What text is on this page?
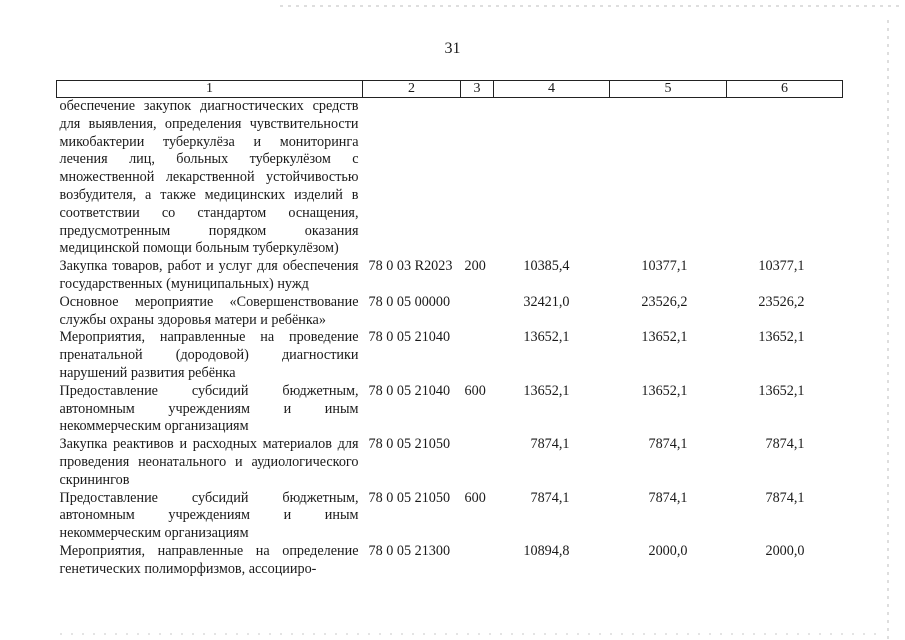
31
1	2	3	4	5	6
обеспечение закупок диагностических средств для выявления, определения чувствительности микобактерии туберкулёза и мониторинга лечения лиц, больных туберкулёзом с множественной лекарственной устойчивостью возбудителя, а также медицинских изделий в соответствии со стандартом оснащения, предусмотренным порядком оказания медицинской помощи больным туберкулёзом)					
Закупка товаров, работ и услуг для обеспечения государственных (муниципальных) нужд	78 0 03 R2023	200	10385,4	10377,1	10377,1
Основное мероприятие «Совершенствование службы охраны здоровья матери и ребёнка»	78 0 05 00000		32421,0	23526,2	23526,2
Мероприятия, направленные на проведение пренатальной (дородовой) диагностики нарушений развития ребёнка	78 0 05 21040		13652,1	13652,1	13652,1
Предоставление субсидий бюджетным, автономным учреждениям и иным некоммерческим организациям	78 0 05 21040	600	13652,1	13652,1	13652,1
Закупка реактивов и расходных материалов для проведения неонатального и аудиологического скринингов	78 0 05 21050		7874,1	7874,1	7874,1
Предоставление субсидий бюджетным, автономным учреждениям и иным некоммерческим организациям	78 0 05 21050	600	7874,1	7874,1	7874,1
Мероприятия, направленные на определение генетических полиморфизмов, ассоцииро-	78 0 05 21300		10894,8	2000,0	2000,0
